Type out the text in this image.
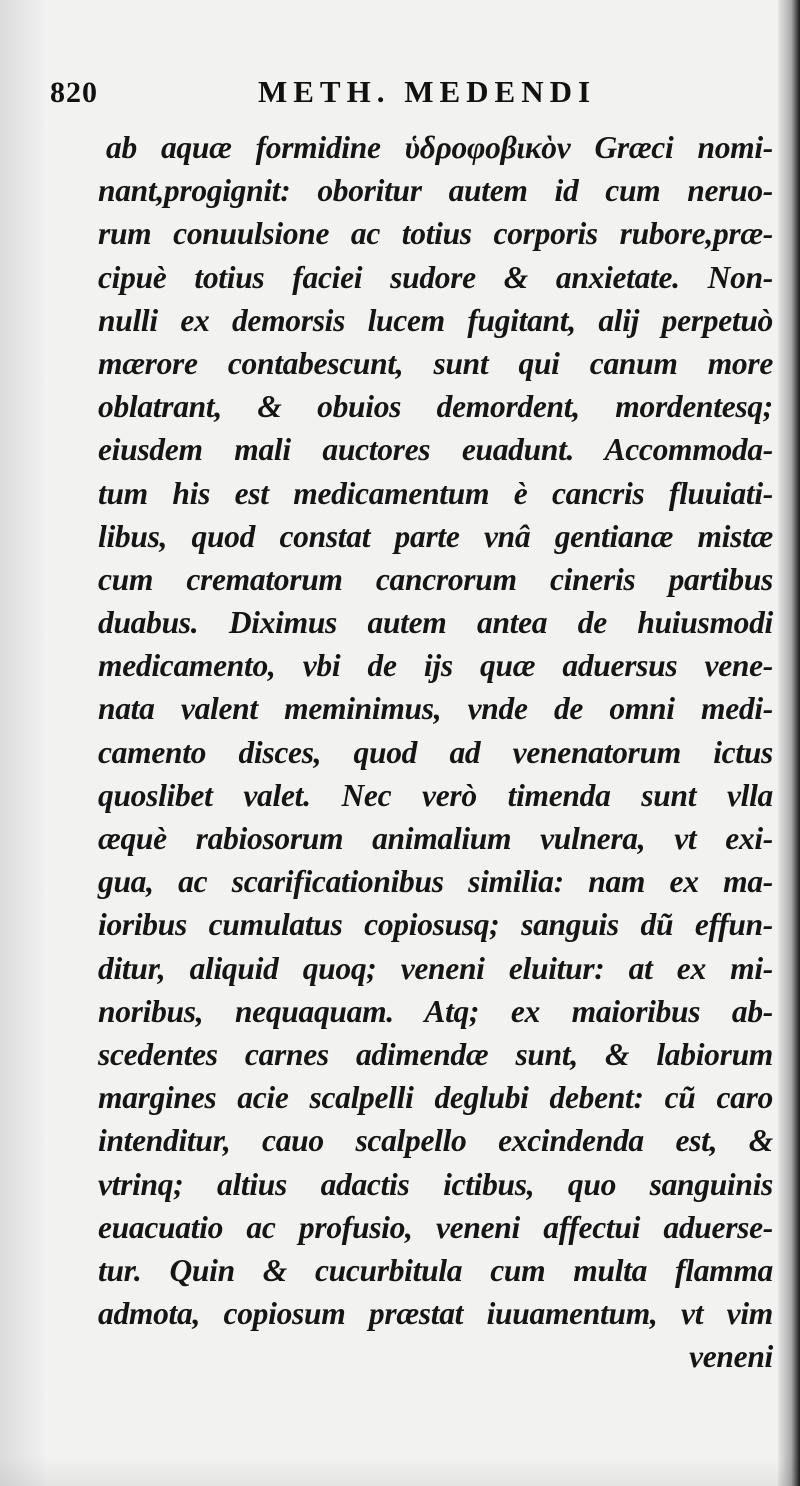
820	METH. MEDENDI
ab aquæ formidine ὑδροφοβικὸν Græci nomi-
nant,progignit: oboritur autem id cum neruo-
rum conuulsione ac totius corporis rubore,præ-
cipuè totius faciei sudore & anxietate. Non-
nulli ex demorsis lucem fugitant, alij perpetuò
mærore contabescunt, sunt qui canum more
oblatrant, & obuios demordent, mordentesq;
eiusdem mali auctores euadunt. Accommoda-
tum his est medicamentum è cancris fluuiati-
libus, quod constat parte vnâ gentianæ mistæ
cum crematorum cancrorum cineris partibus
duabus. Diximus autem antea de huiusmodi
medicamento, vbi de ijs quæ aduersus vene-
nata valent meminimus, vnde de omni medi-
camento disces, quod ad venenatorum ictus
quoslibet valet. Nec verò timenda sunt vlla
æquè rabiosorum animalium vulnera, vt exi-
gua, ac scarificationibus similia: nam ex ma-
ioribus cumulatus copiosusq; sanguis dũ effun-
ditur, aliquid quoq; veneni eluitur: at ex mi-
noribus, nequaquam. Atq; ex maioribus ab-
scedentes carnes adimendæ sunt, & labiorum
margines acie scalpelli deglubi debent: cũ caro
intenditur, cauo scalpello excindenda est, &
vtrinq; altius adactis ictibus, quo sanguinis
euacuatio ac profusio, veneni affectui aduerse-
tur. Quin & cucurbitula cum multa flamma
admota, copiosum præstat iuuamentum, vt vim
veneni
